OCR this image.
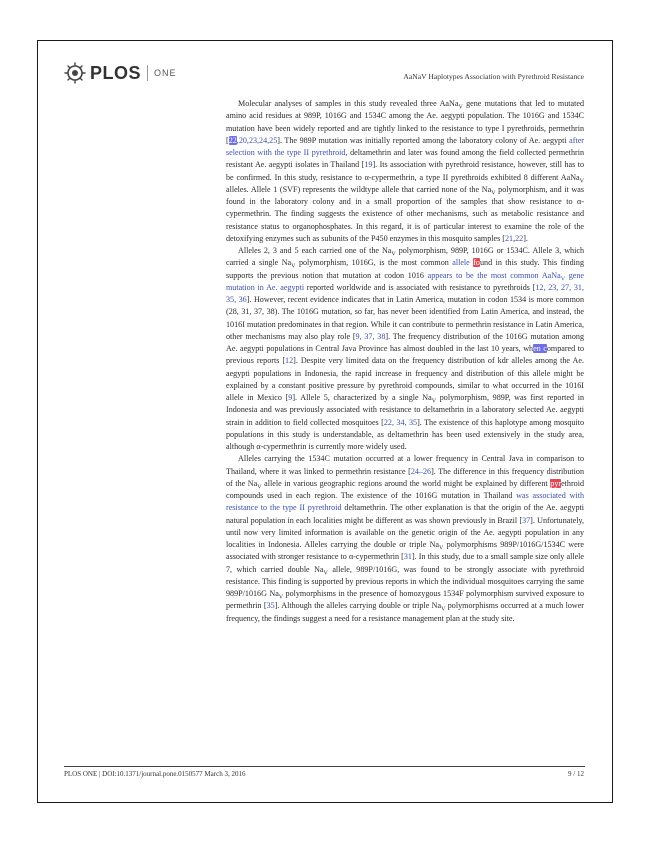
PLOS ONE	AaNaV Haplotypes Association with Pyrethroid Resistance

Molecular analyses of samples in this study revealed three AaNa$_V$ gene mutations that led to mutated amino acid residues at 989P, 1016G and 1534C among the Ae. aegypti population. The 1016G and 1534C mutation have been widely reported and are tightly linked to the resistance to type I pyrethroids, permethrin [22,20,23,24,25]. The 989P mutation was initially reported among the laboratory colony of Ae. aegypti after selection with the type II pyrethroid, deltamethrin and later was found among the field collected permethrin resistant Ae. aegypti isolates in Thailand [19]. Its association with pyrethroid resistance, however, still has to be confirmed. In this study, resistance to α-cypermethrin, a type II pyrethroids exhibited 8 different AaNa$_V$ alleles. Allele 1 (SVF) represents the wildtype allele that carried none of the $Na_V$ polymorphism, and it was found in the laboratory colony and in a small proportion of the samples that show resistance to α- cypermethrin. The finding suggests the existence of other mechanisms, such as metabolic resistance and resistance status to organophosphates. In this regard, it is of particular interest to examine the role of the detoxifying enzymes such as subunits of the P450 enzymes in this mosquito samples [21,22].

Alleles 2, 3 and 5 each carried one of the $Na_V$ polymorphism, 989P, 1016G or 1534C. Allele 3, which carried a single $Na_V$ polymorphism, 1016G, is the most common allele found in this study. This finding supports the previous notion that mutation at codon 1016 appears to be the most common AaNa$_V$ gene mutation in Ae. aegypti reported worldwide and is associated with resistance to pyrethroids [12, 23, 27, 31, 35, 36]. However, recent evidence indicates that in Latin America, mutation in codon 1534 is more common (28, 31, 37, 38). The 1016G mutation, so far, has never been identified from Latin America, and instead, the 1016I mutation predominates in that region. While it can contribute to permethrin resistance in Latin America, other mechanisms may also play role [9, 37, 38]. The frequency distribution of the 1016G mutation among Ae. aegypti populations in Central Java Province has almost doubled in the last 10 years, when compared to previous reports [12]. Despite very limited data on the frequency distribution of kdr alleles among the Ae. aegypti populations in Indonesia, the rapid increase in frequency and distribution of this allele might be explained by a constant positive pressure by pyrethroid compounds, similar to what occurred in the 1016I allele in Mexico [9]. Allele 5, characterized by a single $Na_V$ polymorphism, 989P, was first reported in Indonesia and was previously associated with resistance to deltamethrin in a laboratory selected Ae. aegypti strain in addition to field collected mosquitoes [22, 34, 35]. The existence of this haplotype among mosquito populations in this study is understandable, as deltamethrin has been used extensively in the study area, although α-cypermethrin is currently more widely used.

Alleles carrying the 1534C mutation occurred at a lower frequency in Central Java in comparison to Thailand, where it was linked to permethrin resistance [24–26]. The difference in this frequency distribution of the $Na_V$ allele in various geographic regions around the world might be explained by different pyrethroid compounds used in each region. The existence of the 1016G mutation in Thailand was associated with resistance to the type II pyrethroid deltamethrin. The other explanation is that the origin of the Ae. aegypti natural population in each localities might be different as was shown previously in Brazil [37]. Unfortunately, until now very limited information is available on the genetic origin of the Ae. aegypti population in any localities in Indonesia. Alleles carrying the double or triple $Na_V$ polymorphisms 989P/1016G/1534C were associated with stronger resistance to α-cypermethrin [31]. In this study, due to a small sample size only allele 7, which carried double $Na_V$ allele, 989P/1016G, was found to be strongly associate with pyrethroid resistance. This finding is supported by previous reports in which the individual mosquitoes carrying the same 989P/1016G $Na_V$ polymorphisms in the presence of homozygous 1534F polymorphism survived exposure to permethrin [35]. Although the alleles carrying double or triple $Na_V$ polymorphisms occurred at a much lower frequency, the findings suggest a need for a resistance management plan at the study site.

PLOS ONE | DOI:10.1371/journal.pone.0150577 March 3, 2016	9 / 12
